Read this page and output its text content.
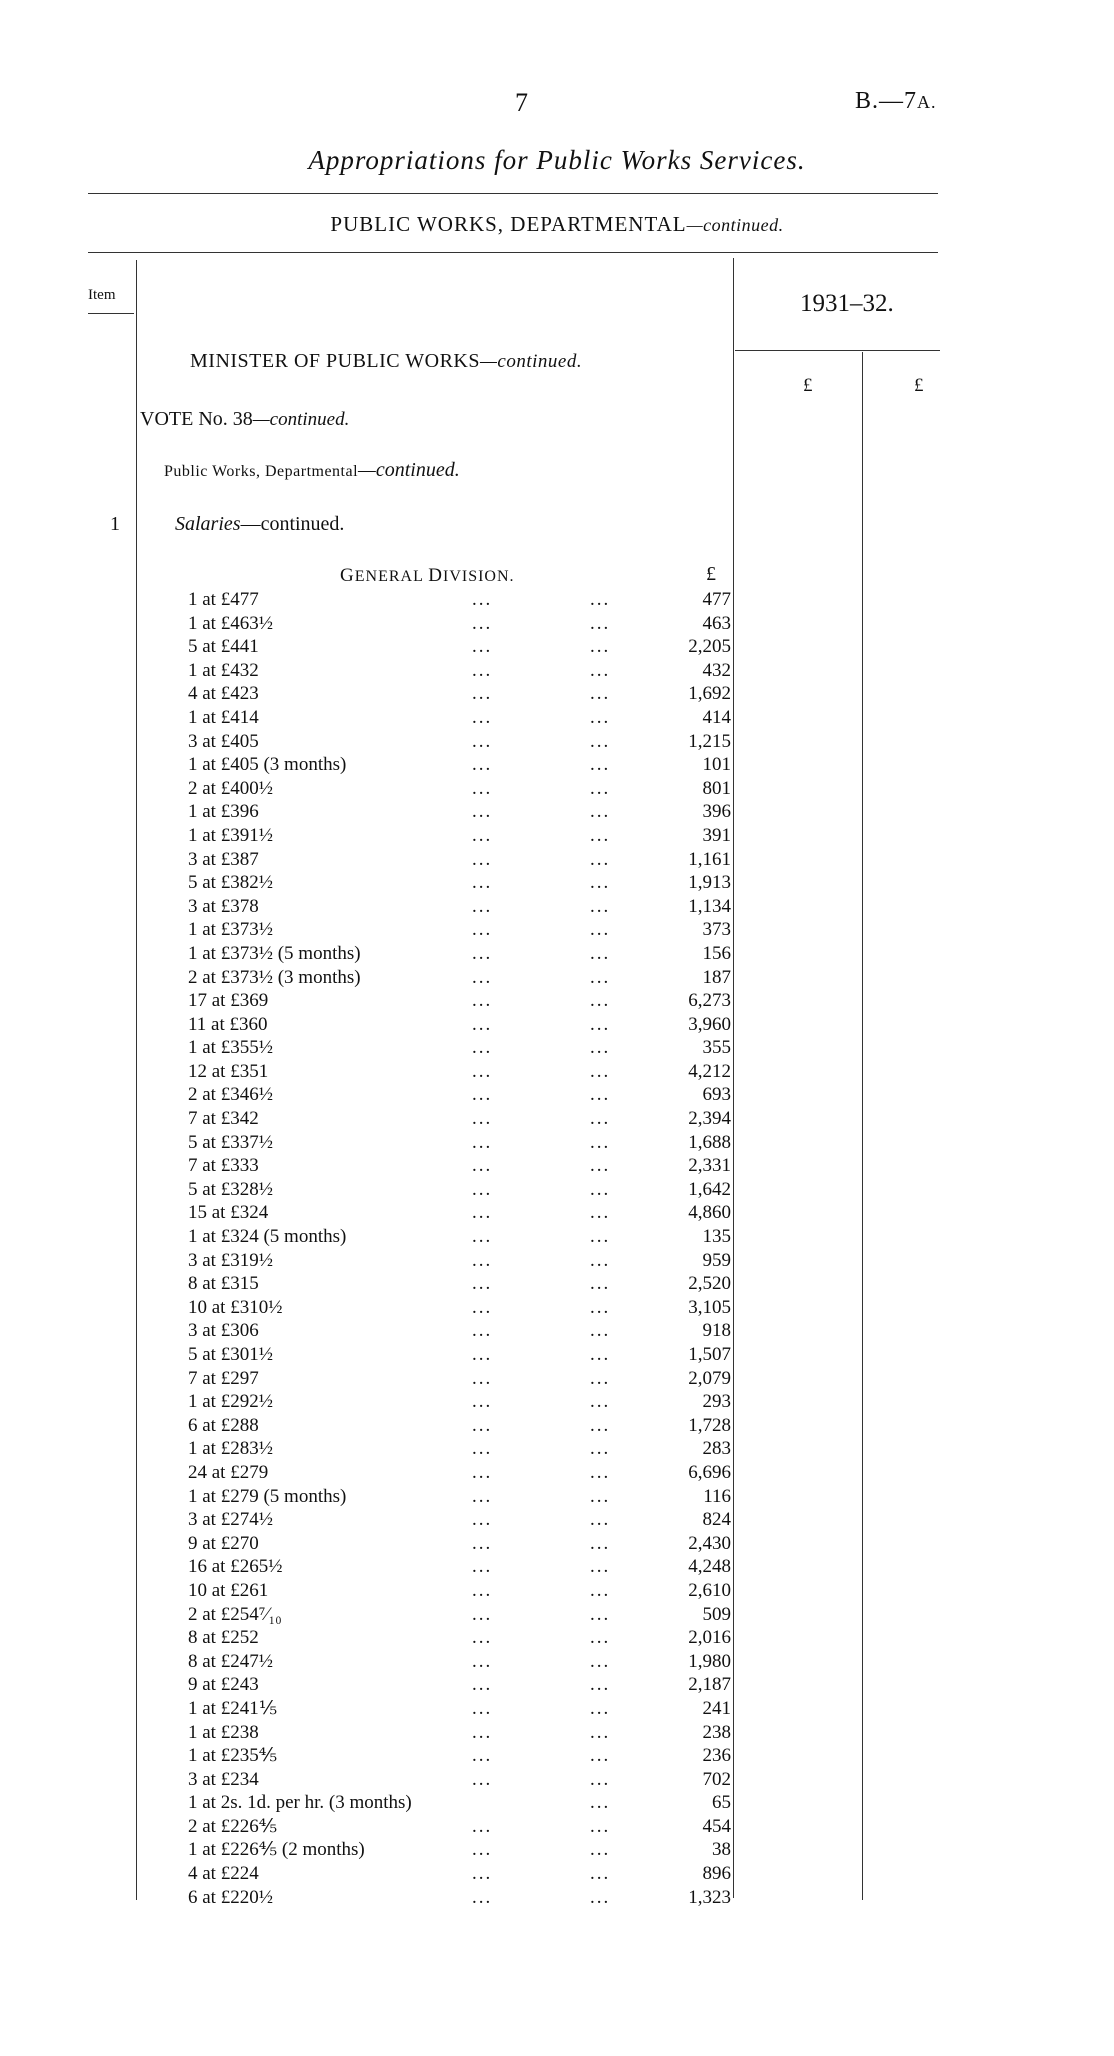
7	B.—7A.
Appropriations for Public Works Services.
PUBLIC WORKS, DEPARTMENTAL—continued.
Item	1931–32.
£	£
MINISTER OF PUBLIC WORKS—continued.
VOTE No. 38—continued.
Public Works, Departmental—continued.
1	Salaries—continued.
GENERAL DIVISION.	£
1 at £477	...	...	477
1 at £463½	...	...	463
5 at £441	...	...	2,205
1 at £432	...	...	432
4 at £423	...	...	1,692
1 at £414	...	...	414
3 at £405	...	...	1,215
1 at £405 (3 months)	...	...	101
2 at £400½	...	...	801
1 at £396	...	...	396
1 at £391½	...	...	391
3 at £387	...	...	1,161
5 at £382½	...	...	1,913
3 at £378	...	...	1,134
1 at £373½	...	...	373
1 at £373½ (5 months)	...	...	156
2 at £373½ (3 months)	...	...	187
17 at £369	...	...	6,273
11 at £360	...	...	3,960
1 at £355½	...	...	355
12 at £351	...	...	4,212
2 at £346½	...	...	693
7 at £342	...	...	2,394
5 at £337½	...	...	1,688
7 at £333	...	...	2,331
5 at £328½	...	...	1,642
15 at £324	...	...	4,860
1 at £324 (5 months)	...	...	135
3 at £319½	...	...	959
8 at £315	...	...	2,520
10 at £310½	...	...	3,105
3 at £306	...	...	918
5 at £301½	...	...	1,507
7 at £297	...	...	2,079
1 at £292½	...	...	293
6 at £288	...	...	1,728
1 at £283½	...	...	283
24 at £279	...	...	6,696
1 at £279 (5 months)	...	...	116
3 at £274½	...	...	824
9 at £270	...	...	2,430
16 at £265½	...	...	4,248
10 at £261	...	...	2,610
2 at £254⁷⁄₁₀	...	...	509
8 at £252	...	...	2,016
8 at £247½	...	...	1,980
9 at £243	...	...	2,187
1 at £241⅕	...	...	241
1 at £238	...	...	238
1 at £235⅘	...	...	236
3 at £234	...	...	702
1 at 2s. 1d. per hr. (3 months)	...	65
2 at £226⅘	...	...	454
1 at £226⅘ (2 months)	...	...	38
4 at £224	...	...	896
6 at £220½	...	...	1,323
